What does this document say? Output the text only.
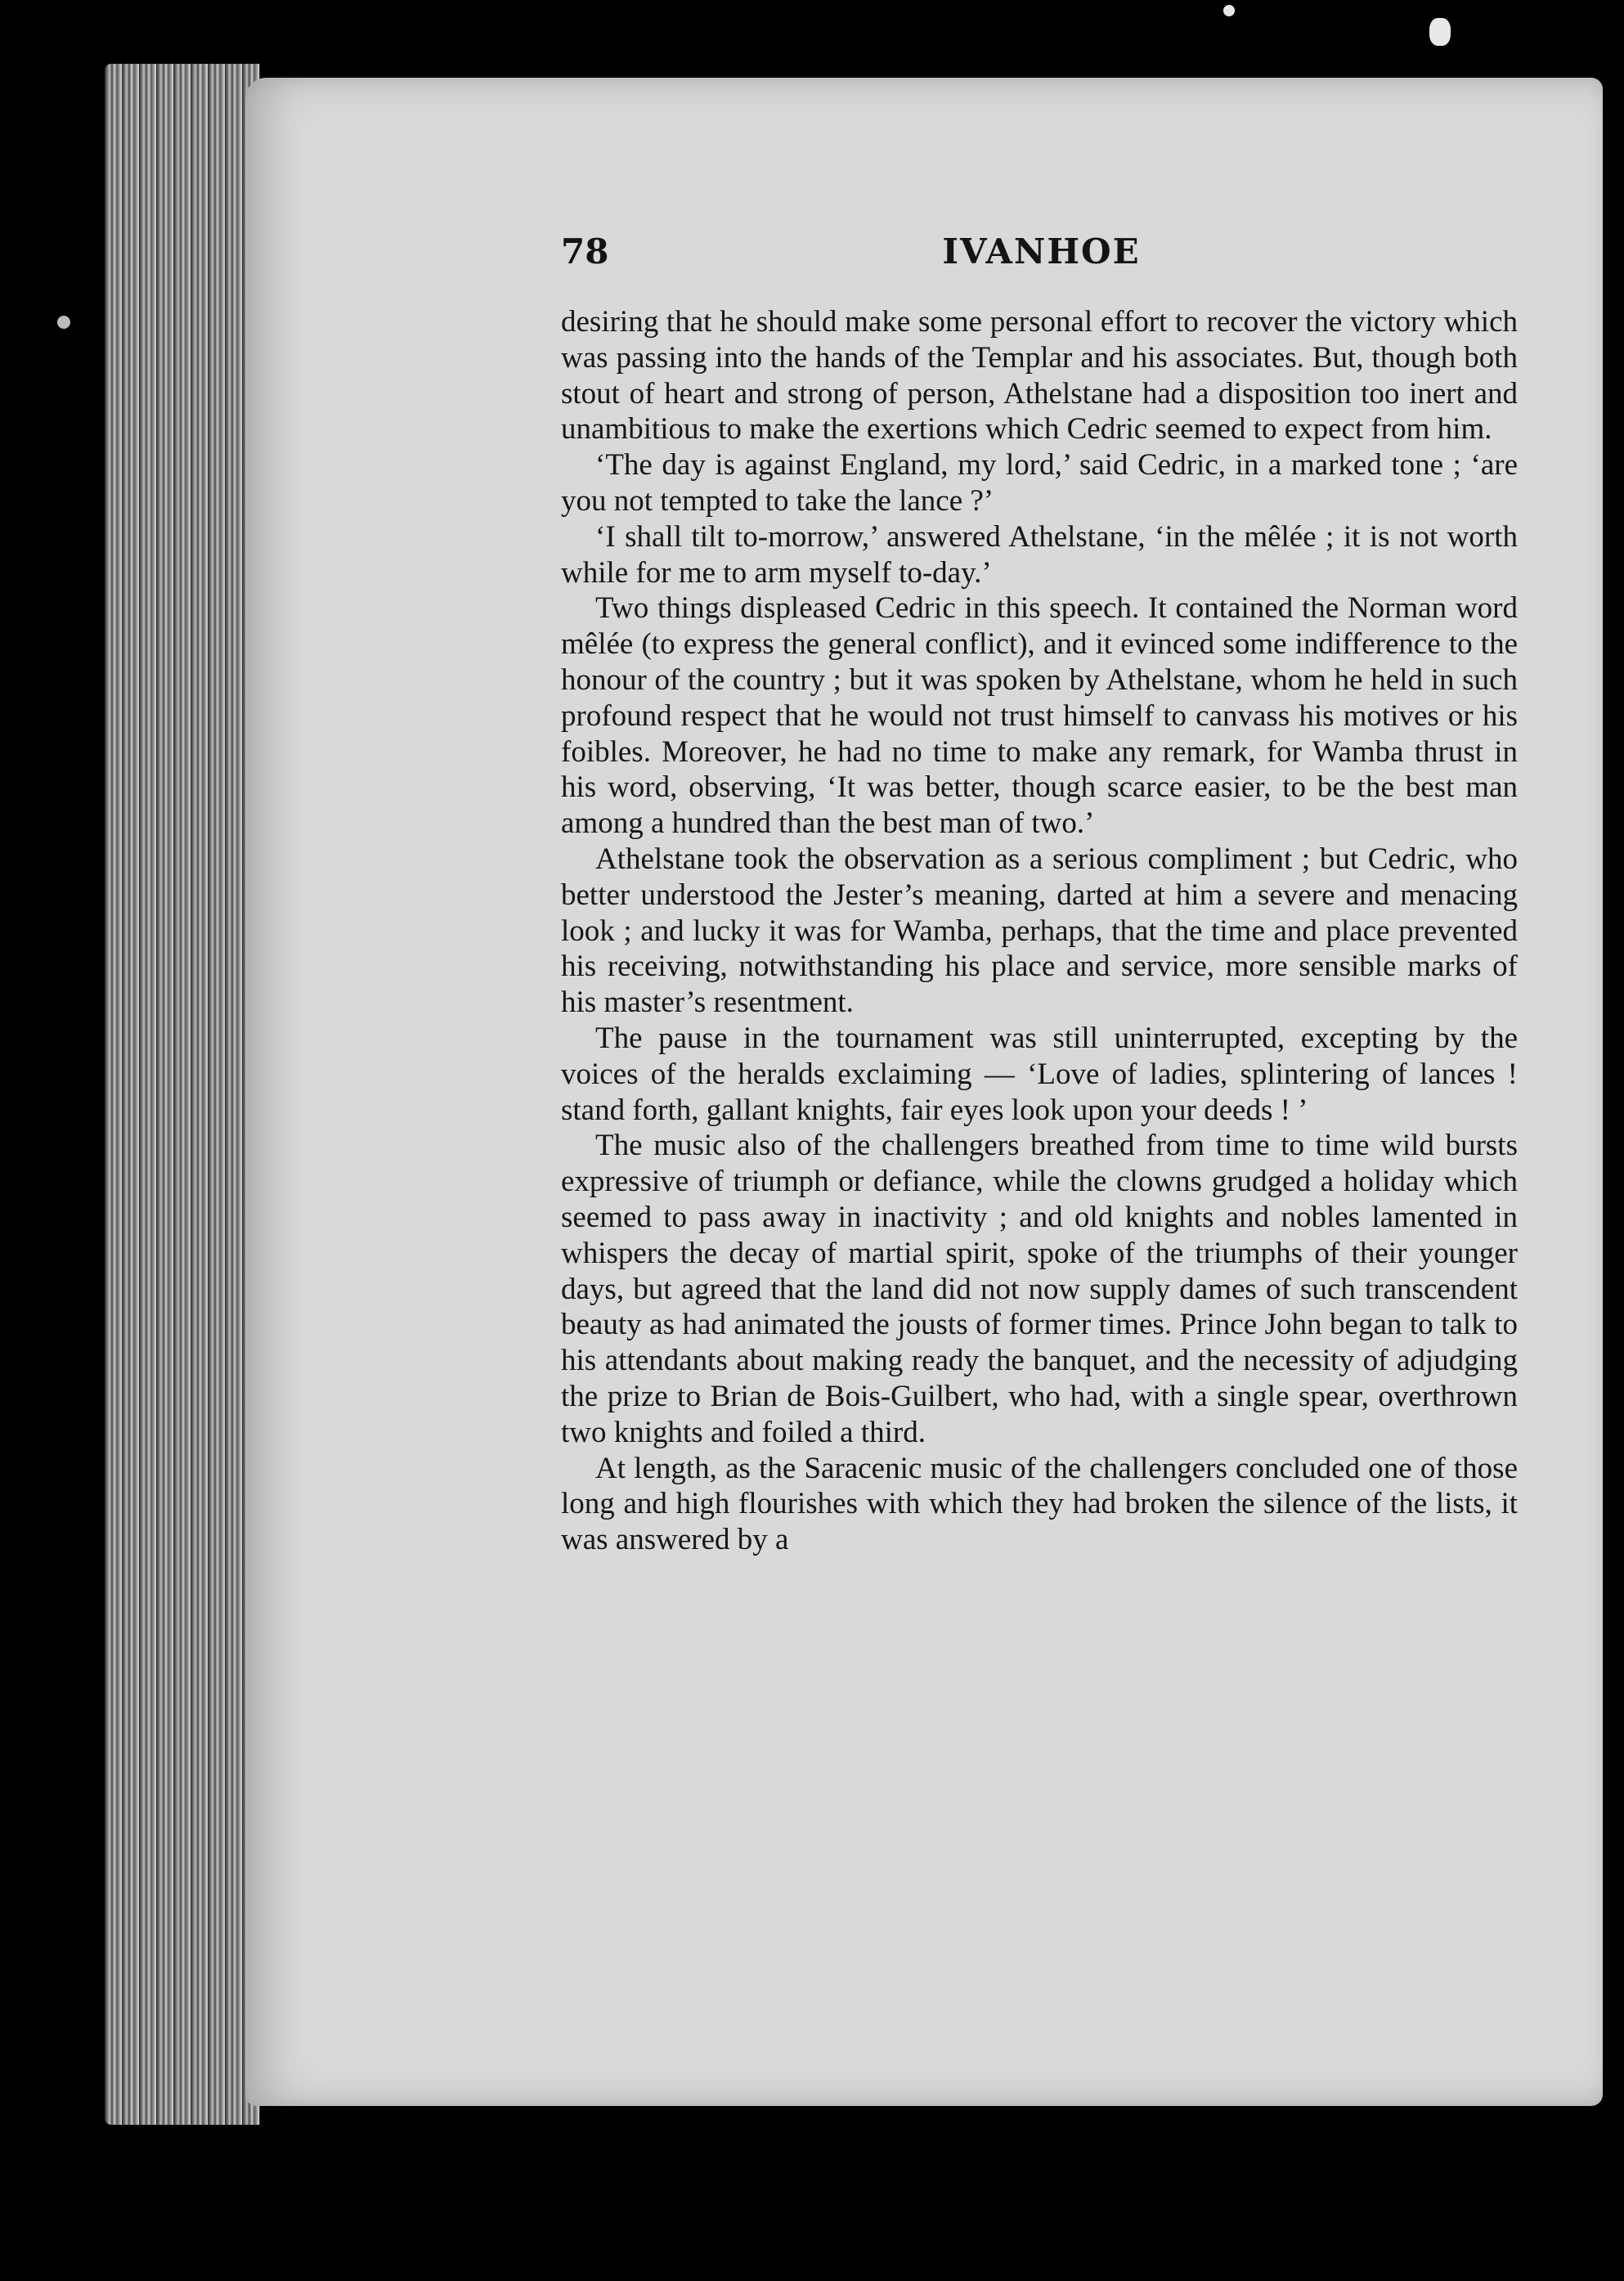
78	IVANHOE

desiring that he should make some personal effort to recover the victory which was passing into the hands of the Templar and his associates. But, though both stout of heart and strong of person, Athelstane had a disposition too inert and unambitious to make the exertions which Cedric seemed to expect from him.

‘The day is against England, my lord,’ said Cedric, in a marked tone ; ‘are you not tempted to take the lance ?’

‘I shall tilt to-morrow,’ answered Athelstane, ‘in the mêlée ; it is not worth while for me to arm myself to-day.’

Two things displeased Cedric in this speech. It contained the Norman word mêlée (to express the general conflict), and it evinced some indifference to the honour of the country ; but it was spoken by Athelstane, whom he held in such profound respect that he would not trust himself to canvass his motives or his foibles. Moreover, he had no time to make any remark, for Wamba thrust in his word, observing, ‘It was better, though scarce easier, to be the best man among a hundred than the best man of two.’

Athelstane took the observation as a serious compliment ; but Cedric, who better understood the Jester’s meaning, darted at him a severe and menacing look ; and lucky it was for Wamba, perhaps, that the time and place prevented his receiving, notwithstanding his place and service, more sensible marks of his master’s resentment.

The pause in the tournament was still uninterrupted, excepting by the voices of the heralds exclaiming — ‘Love of ladies, splintering of lances ! stand forth, gallant knights, fair eyes look upon your deeds ! ’

The music also of the challengers breathed from time to time wild bursts expressive of triumph or defiance, while the clowns grudged a holiday which seemed to pass away in inactivity ; and old knights and nobles lamented in whispers the decay of martial spirit, spoke of the triumphs of their younger days, but agreed that the land did not now supply dames of such transcendent beauty as had animated the jousts of former times. Prince John began to talk to his attendants about making ready the banquet, and the necessity of adjudging the prize to Brian de Bois-Guilbert, who had, with a single spear, overthrown two knights and foiled a third.

At length, as the Saracenic music of the challengers concluded one of those long and high flourishes with which they had broken the silence of the lists, it was answered by a
